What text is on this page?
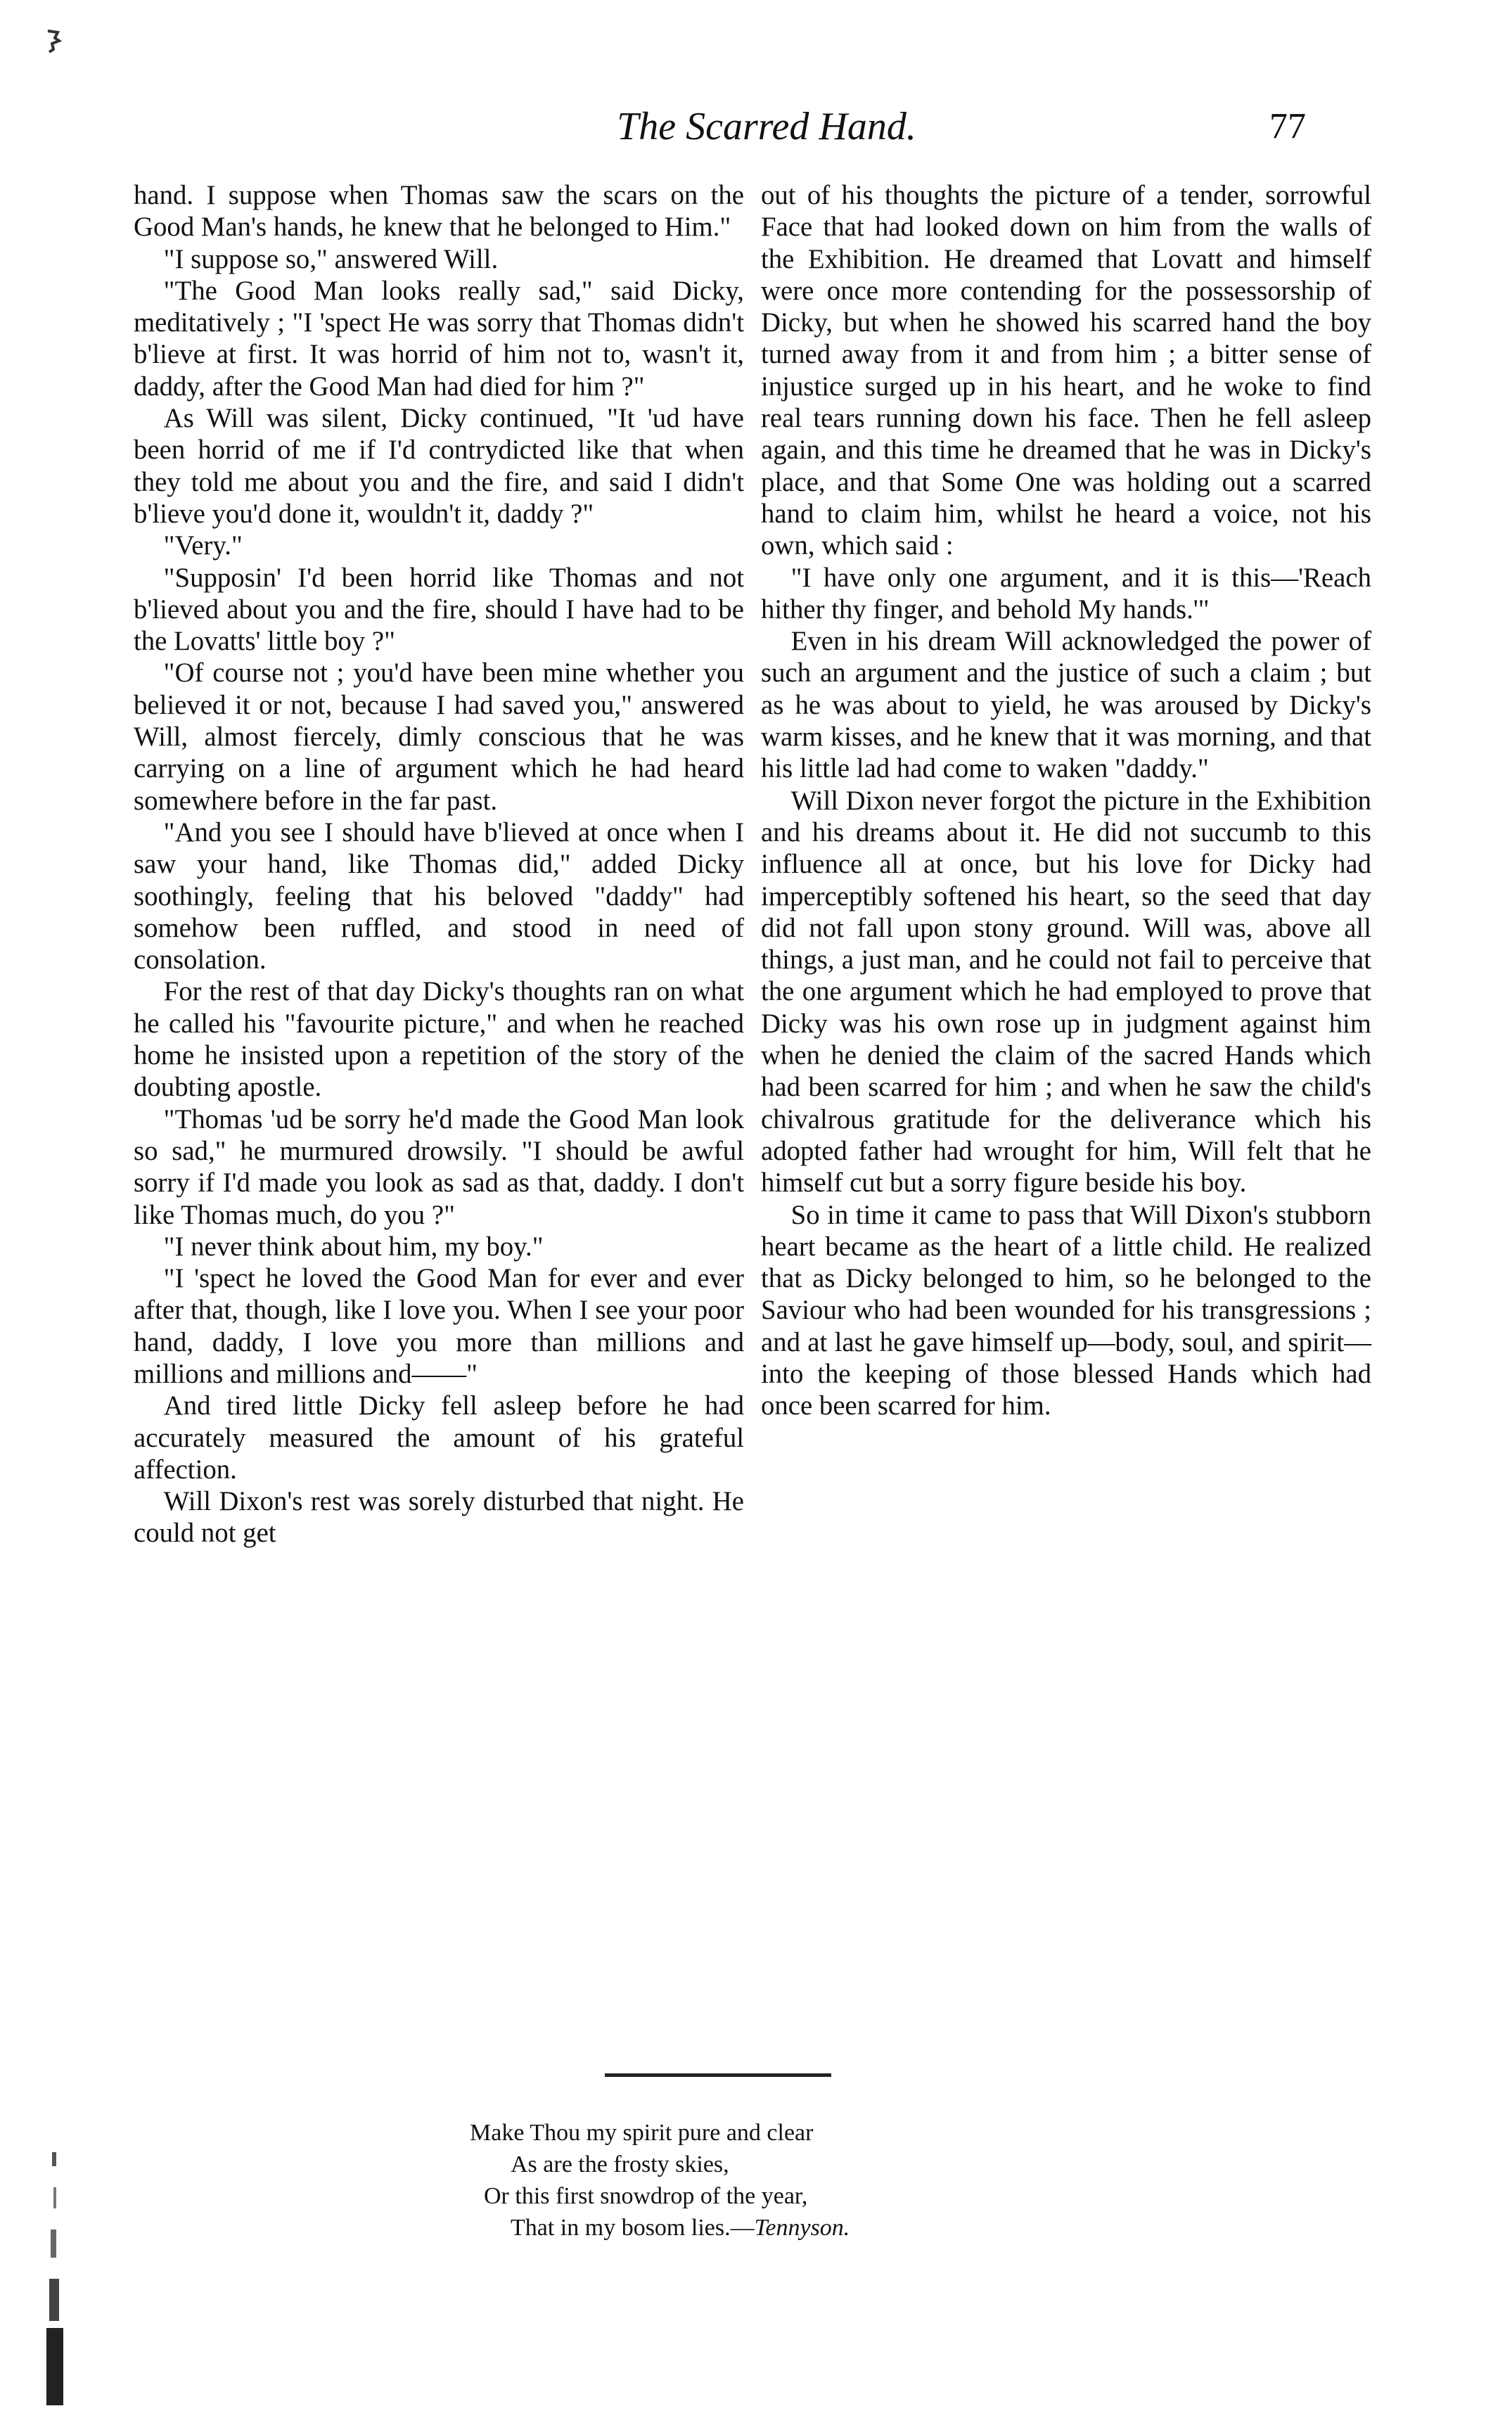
The Scarred Hand.	77

hand. I suppose when Thomas saw the scars on the Good Man's hands, he knew that he belonged to Him."

"I suppose so," answered Will.

"The Good Man looks really sad," said Dicky, meditatively ; "I 'spect He was sorry that Thomas didn't b'lieve at first. It was horrid of him not to, wasn't it, daddy, after the Good Man had died for him ?"

As Will was silent, Dicky continued, "It 'ud have been horrid of me if I'd contrydicted like that when they told me about you and the fire, and said I didn't b'lieve you'd done it, wouldn't it, daddy ?"

"Very."

"Supposin' I'd been horrid like Thomas and not b'lieved about you and the fire, should I have had to be the Lovatts' little boy ?"

"Of course not ; you'd have been mine whether you believed it or not, because I had saved you," answered Will, almost fiercely, dimly conscious that he was carrying on a line of argument which he had heard somewhere before in the far past.

"And you see I should have b'lieved at once when I saw your hand, like Thomas did," added Dicky soothingly, feeling that his beloved "daddy" had somehow been ruffled, and stood in need of consolation.

For the rest of that day Dicky's thoughts ran on what he called his "favourite picture," and when he reached home he insisted upon a repetition of the story of the doubting apostle.

"Thomas 'ud be sorry he'd made the Good Man look so sad," he murmured drowsily. "I should be awful sorry if I'd made you look as sad as that, daddy. I don't like Thomas much, do you ?"

"I never think about him, my boy."

"I 'spect he loved the Good Man for ever and ever after that, though, like I love you. When I see your poor hand, daddy, I love you more than millions and millions and millions and——"

And tired little Dicky fell asleep before he had accurately measured the amount of his grateful affection.

Will Dixon's rest was sorely disturbed that night. He could not get

out of his thoughts the picture of a tender, sorrowful Face that had looked down on him from the walls of the Exhibition. He dreamed that Lovatt and himself were once more contending for the possessorship of Dicky, but when he showed his scarred hand the boy turned away from it and from him ; a bitter sense of injustice surged up in his heart, and he woke to find real tears running down his face. Then he fell asleep again, and this time he dreamed that he was in Dicky's place, and that Some One was holding out a scarred hand to claim him, whilst he heard a voice, not his own, which said :

"I have only one argument, and it is this—'Reach hither thy finger, and behold My hands.'"

Even in his dream Will acknowledged the power of such an argument and the justice of such a claim ; but as he was about to yield, he was aroused by Dicky's warm kisses, and he knew that it was morning, and that his little lad had come to waken "daddy."

Will Dixon never forgot the picture in the Exhibition and his dreams about it. He did not succumb to this influence all at once, but his love for Dicky had imperceptibly softened his heart, so the seed that day did not fall upon stony ground. Will was, above all things, a just man, and he could not fail to perceive that the one argument which he had employed to prove that Dicky was his own rose up in judgment against him when he denied the claim of the sacred Hands which had been scarred for him ; and when he saw the child's chivalrous gratitude for the deliverance which his adopted father had wrought for him, Will felt that he himself cut but a sorry figure beside his boy.

So in time it came to pass that Will Dixon's stubborn heart became as the heart of a little child. He realized that as Dicky belonged to him, so he belonged to the Saviour who had been wounded for his transgressions ; and at last he gave himself up—body, soul, and spirit—into the keeping of those blessed Hands which had once been scarred for him.

Make Thou my spirit pure and clear
As are the frosty skies,
Or this first snowdrop of the year,
That in my bosom lies.—Tennyson.
